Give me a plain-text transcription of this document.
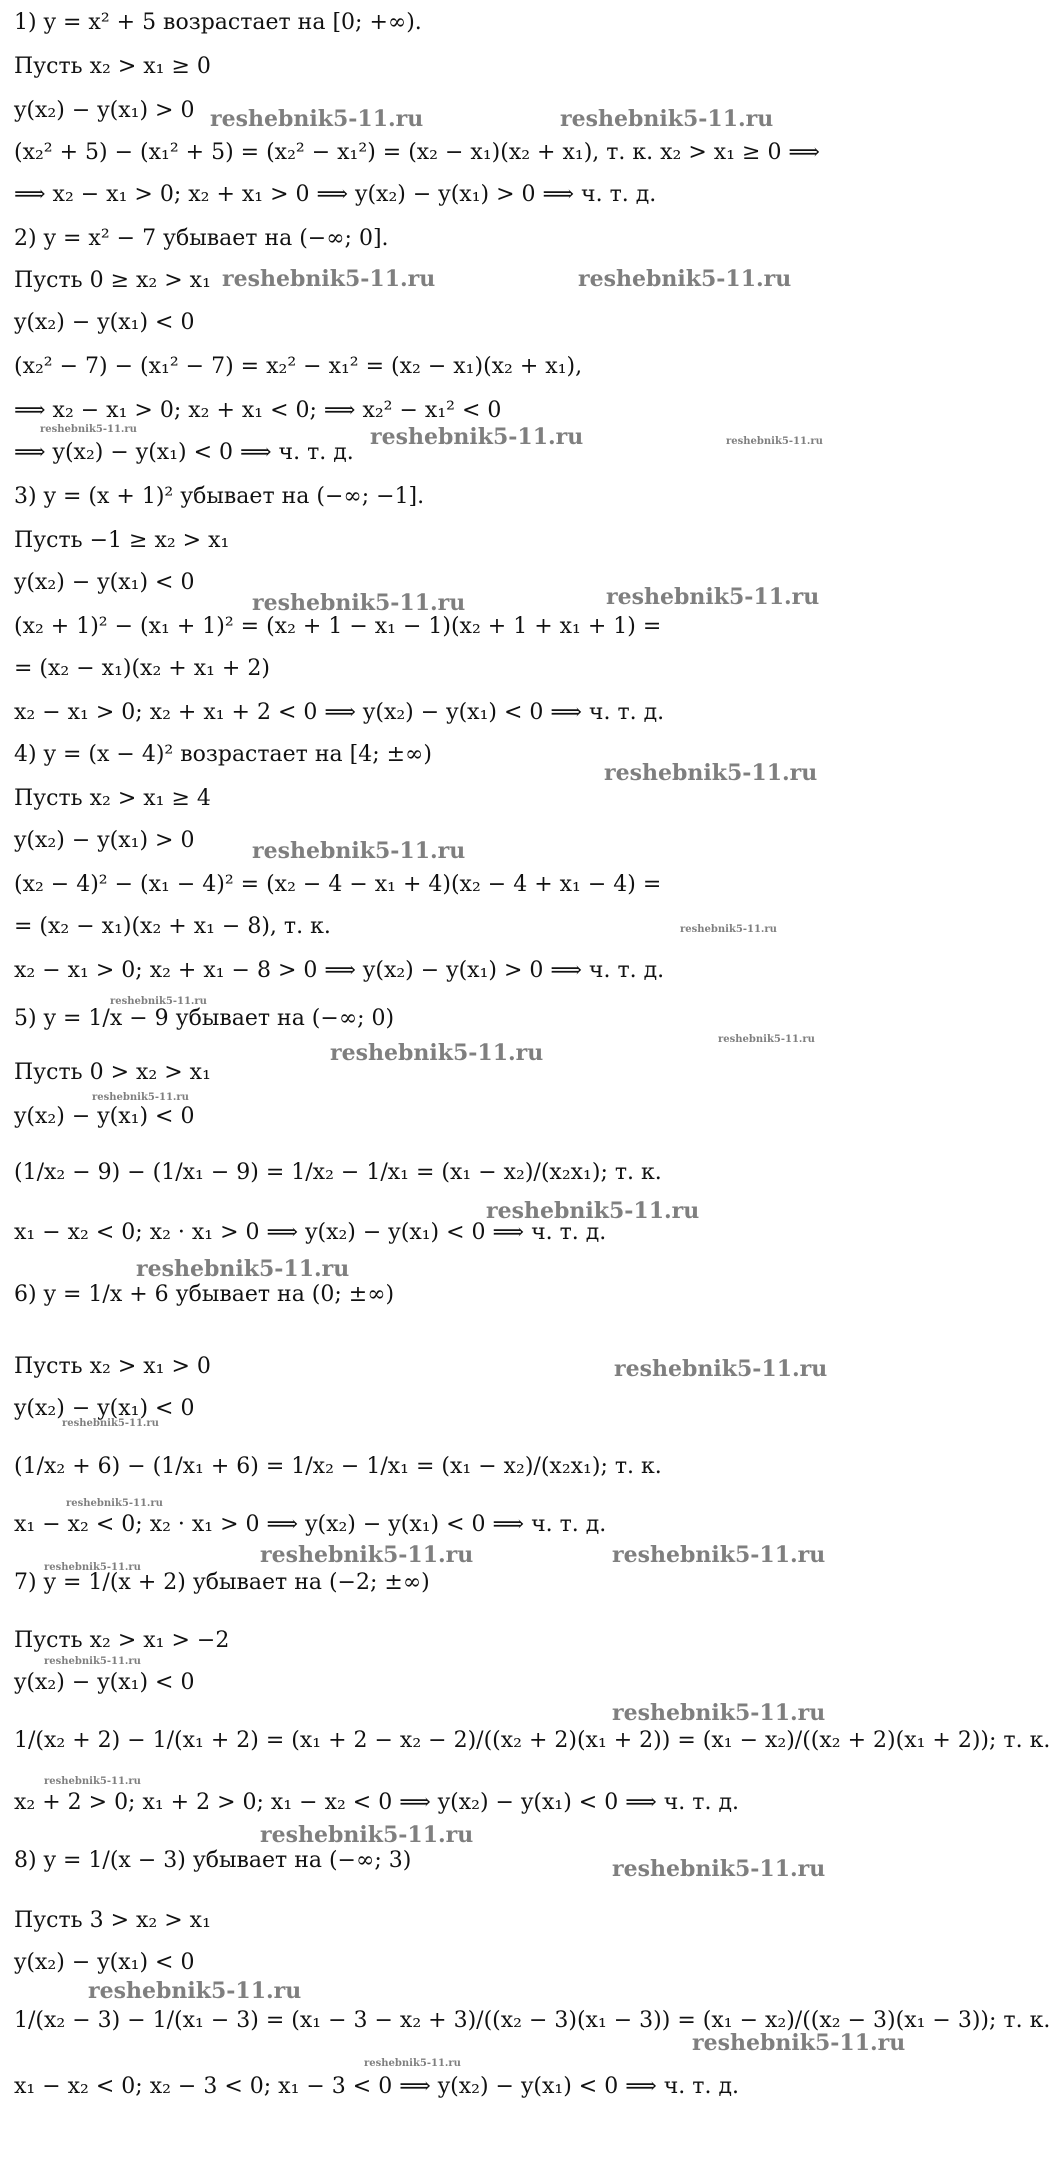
1) y = x² + 5 возрастает на [0; +∞).
Пусть x₂ > x₁ ≥ 0
y(x₂) − y(x₁) > 0
(x₂² + 5) − (x₁² + 5) = (x₂² − x₁²) = (x₂ − x₁)(x₂ + x₁), т. к. x₂ > x₁ ≥ 0 ⟹
⟹ x₂ − x₁ > 0; x₂ + x₁ > 0 ⟹ y(x₂) − y(x₁) > 0 ⟹ ч. т. д.
2) y = x² − 7 убывает на (−∞; 0].
Пусть 0 ≥ x₂ > x₁
y(x₂) − y(x₁) < 0
(x₂² − 7) − (x₁² − 7) = x₂² − x₁² = (x₂ − x₁)(x₂ + x₁),
⟹ x₂ − x₁ > 0; x₂ + x₁ < 0; ⟹ x₂² − x₁² < 0
⟹ y(x₂) − y(x₁) < 0 ⟹ ч. т. д.
3) y = (x + 1)² убывает на (−∞; −1].
Пусть −1 ≥ x₂ > x₁
y(x₂) − y(x₁) < 0
(x₂ + 1)² − (x₁ + 1)² = (x₂ + 1 − x₁ − 1)(x₂ + 1 + x₁ + 1) =
= (x₂ − x₁)(x₂ + x₁ + 2)
x₂ − x₁ > 0; x₂ + x₁ + 2 < 0 ⟹ y(x₂) − y(x₁) < 0 ⟹ ч. т. д.
4) y = (x − 4)² возрастает на [4; ±∞)
Пусть x₂ > x₁ ≥ 4
y(x₂) − y(x₁) > 0
(x₂ − 4)² − (x₁ − 4)² = (x₂ − 4 − x₁ + 4)(x₂ − 4 + x₁ − 4) =
= (x₂ − x₁)(x₂ + x₁ − 8), т. к.
x₂ − x₁ > 0; x₂ + x₁ − 8 > 0 ⟹ y(x₂) − y(x₁) > 0 ⟹ ч. т. д.
5) y = 1/x − 9 убывает на (−∞; 0)
Пусть 0 > x₂ > x₁
y(x₂) − y(x₁) < 0
(1/x₂ − 9) − (1/x₁ − 9) = 1/x₂ − 1/x₁ = (x₁ − x₂)/(x₂x₁); т. к.
x₁ − x₂ < 0; x₂ · x₁ > 0 ⟹ y(x₂) − y(x₁) < 0 ⟹ ч. т. д.
6) y = 1/x + 6 убывает на (0; ±∞)
Пусть x₂ > x₁ > 0
y(x₂) − y(x₁) < 0
(1/x₂ + 6) − (1/x₁ + 6) = 1/x₂ − 1/x₁ = (x₁ − x₂)/(x₂x₁); т. к.
x₁ − x₂ < 0; x₂ · x₁ > 0 ⟹ y(x₂) − y(x₁) < 0 ⟹ ч. т. д.
7) y = 1/(x + 2) убывает на (−2; ±∞)
Пусть x₂ > x₁ > −2
y(x₂) − y(x₁) < 0
1/(x₂ + 2) − 1/(x₁ + 2) = (x₁ + 2 − x₂ − 2)/((x₂ + 2)(x₁ + 2)) = (x₁ − x₂)/((x₂ + 2)(x₁ + 2)); т. к.
x₂ + 2 > 0; x₁ + 2 > 0; x₁ − x₂ < 0 ⟹ y(x₂) − y(x₁) < 0 ⟹ ч. т. д.
8) y = 1/(x − 3) убывает на (−∞; 3)
Пусть 3 > x₂ > x₁
y(x₂) − y(x₁) < 0
1/(x₂ − 3) − 1/(x₁ − 3) = (x₁ − 3 − x₂ + 3)/((x₂ − 3)(x₁ − 3)) = (x₁ − x₂)/((x₂ − 3)(x₁ − 3)); т. к.
x₁ − x₂ < 0; x₂ − 3 < 0; x₁ − 3 < 0 ⟹ y(x₂) − y(x₁) < 0 ⟹ ч. т. д.
reshebnik5-11.ru	reshebnik5-11.ru
reshebnik5-11.ru	reshebnik5-11.ru
reshebnik5-11.ru	reshebnik5-11.ru	reshebnik5-11.ru
reshebnik5-11.ru	reshebnik5-11.ru
reshebnik5-11.ru
reshebnik5-11.ru
reshebnik5-11.ru
reshebnik5-11.ru
reshebnik5-11.ru
reshebnik5-11.ru
reshebnik5-11.ru
reshebnik5-11.ru
reshebnik5-11.ru
reshebnik5-11.ru
reshebnik5-11.ru
reshebnik5-11.ru
reshebnik5-11.ru	reshebnik5-11.ru	reshebnik5-11.ru
reshebnik5-11.ru
reshebnik5-11.ru
reshebnik5-11.ru
reshebnik5-11.ru
reshebnik5-11.ru
reshebnik5-11.ru
reshebnik5-11.ru
reshebnik5-11.ru
